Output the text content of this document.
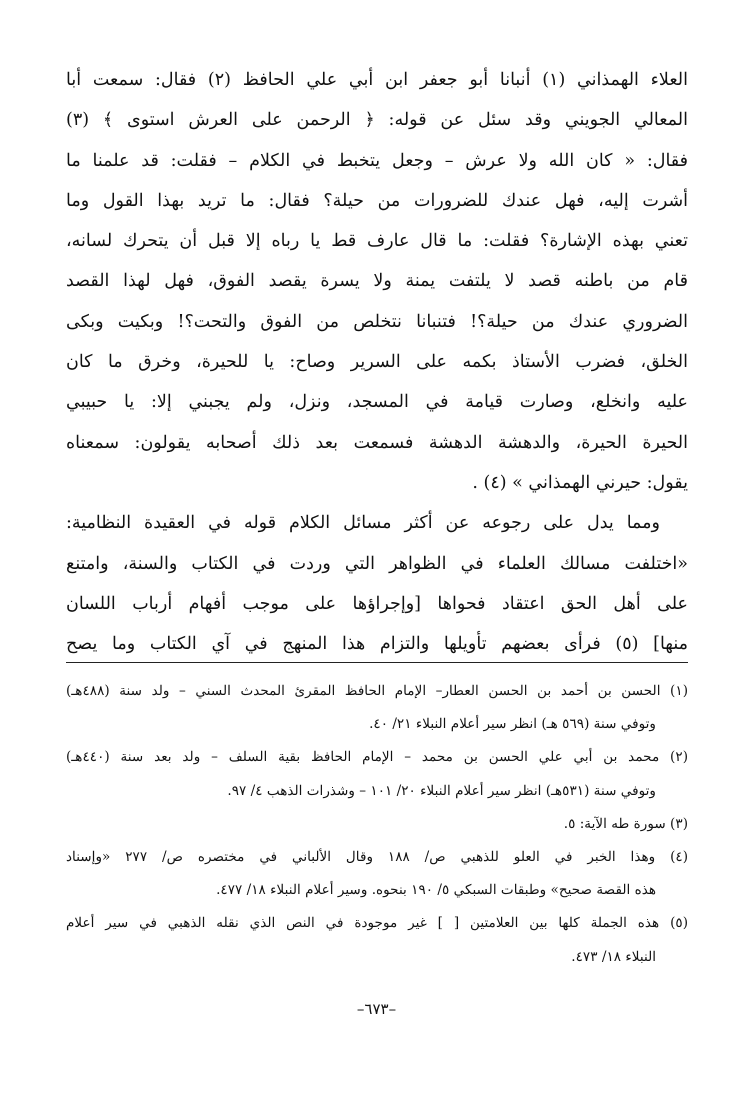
العلاء الهمذاني (١) أنبانا أبو جعفر ابن أبي علي الحافظ (٢) فقال: سمعت أبا
المعالي الجويني وقد سئل عن قوله: ﴿ الرحمن على العرش استوى ﴾ (٣)
فقال: « كان الله ولا عرش – وجعل يتخبط في الكلام – فقلت: قد علمنا ما
أشرت إليه، فهل عندك للضرورات من حيلة؟ فقال: ما تريد بهذا القول وما
تعني بهذه الإشارة؟ فقلت: ما قال عارف قط يا رباه إلا قبل أن يتحرك لسانه،
قام من باطنه قصد لا يلتفت يمنة ولا يسرة يقصد الفوق، فهل لهذا القصد
الضروري عندك من حيلة؟! فتنبانا نتخلص من الفوق والتحت؟! وبكيت وبكى
الخلق، فضرب الأستاذ بكمه على السرير وصاح: يا للحيرة، وخرق ما كان
عليه وانخلع، وصارت قيامة في المسجد، ونزل، ولم يجبني إلا: يا حبيبي
الحيرة الحيرة، والدهشة الدهشة فسمعت بعد ذلك أصحابه يقولون: سمعناه
يقول: حيرني الهمذاني » (٤) .
ومما يدل على رجوعه عن أكثر مسائل الكلام قوله في العقيدة النظامية:
«اختلفت مسالك العلماء في الظواهر التي وردت في الكتاب والسنة، وامتنع
على أهل الحق اعتقاد فحواها [وإجراؤها على موجب أفهام أرباب اللسان
منها] (٥) فرأى بعضهم تأويلها والتزام هذا المنهج في آي الكتاب وما يصح
(١) الحسن بن أحمد بن الحسن العطار– الإمام الحافظ المقرئ المحدث السني – ولد سنة (٤٨٨هـ)
وتوفي سنة (٥٦٩ هـ) انظر سير أعلام النبلاء ٢١/ ٤٠.
(٢) محمد بن أبي علي الحسن بن محمد – الإمام الحافظ بقية السلف – ولد بعد سنة (٤٤٠هـ)
وتوفي سنة (٥٣١هـ) انظر سير أعلام النبلاء ٢٠/ ١٠١ – وشذرات الذهب ٤/ ٩٧.
(٣) سورة طه الآية: ٥.
(٤) وهذا الخبر في العلو للذهبي ص/ ١٨٨ وقال الألباني في مختصره ص/ ٢٧٧ «وإسناد
هذه القصة صحيح» وطبقات السبكي ٥/ ١٩٠ بنحوه. وسير أعلام النبلاء ١٨/ ٤٧٧.
(٥) هذه الجملة كلها بين العلامتين [ ] غير موجودة في النص الذي نقله الذهبي في سير أعلام
النبلاء ١٨/ ٤٧٣.
–٦٧٣–
